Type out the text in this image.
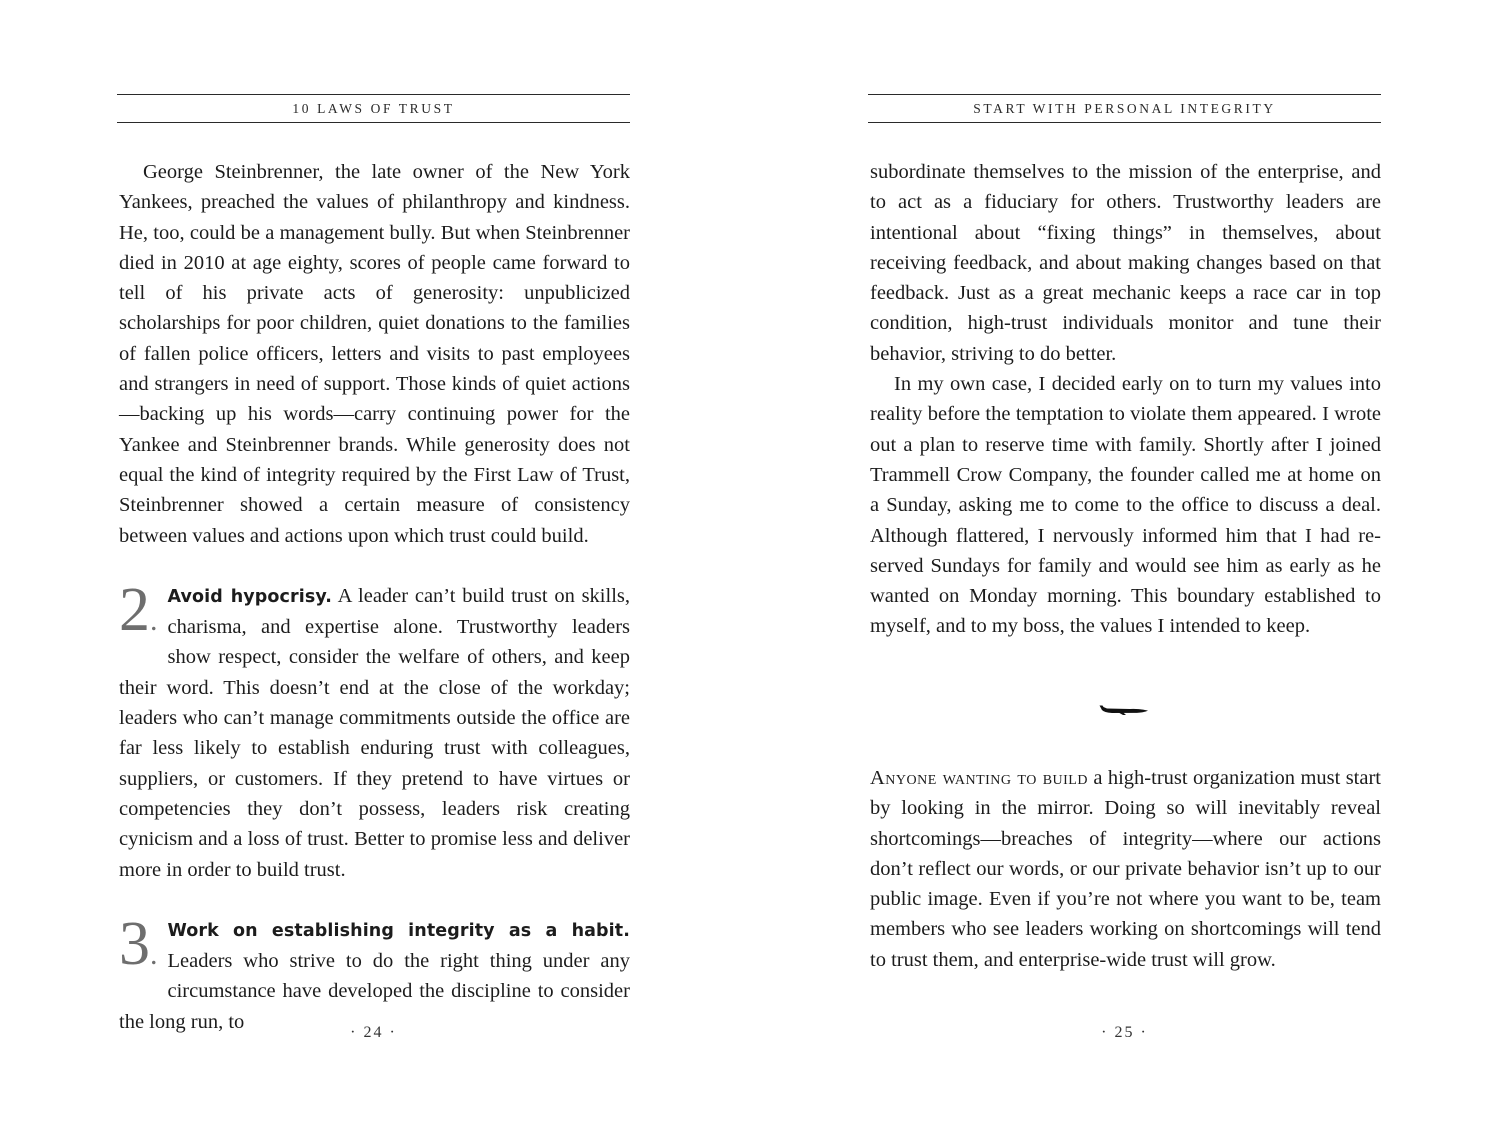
10 LAWS OF TRUST

George Steinbrenner, the late owner of the New York Yankees, preached the values of philanthropy and kindness. He, too, could be a management bully. But when Steinbrenner died in 2010 at age eighty, scores of people came forward to tell of his private acts of generosity: unpublicized scholarships for poor children, quiet donations to the families of fallen police officers, letters and visits to past employees and strangers in need of support. Those kinds of quiet actions—backing up his words—carry continuing power for the Yankee and Steinbrenner brands. While generosity does not equal the kind of integrity required by the First Law of Trust, Steinbrenner showed a certain measure of consistency between values and actions upon which trust could build.

2.
Avoid hypocrisy. A leader can’t build trust on skills, charisma, and expertise alone. Trustworthy leaders show respect, consider the welfare of others, and keep their word. This doesn’t end at the close of the workday; leaders who can’t manage commitments outside the office are far less likely to establish enduring trust with colleagues, suppliers, or customers. If they pretend to have virtues or competencies they don’t possess, leaders risk creating cynicism and a loss of trust. Better to promise less and deliver more in order to build trust.

3.
Work on establishing integrity as a habit. Leaders who strive to do the right thing under any circumstance have developed the discipline to consider the long run, to	· 24 ·
START WITH PERSONAL INTEGRITY

subordinate themselves to the mission of the enterprise, and to act as a fiduciary for others. Trustworthy leaders are intentional about “fixing things” in themselves, about receiving feedback, and about making changes based on that feedback. Just as a great mechanic keeps a race car in top condition, high-trust individuals monitor and tune their behavior, striving to do better.

In my own case, I decided early on to turn my values into reality before the temptation to violate them appeared. I wrote out a plan to reserve time with family. Shortly after I joined Trammell Crow Company, the founder called me at home on a Sunday, asking me to come to the office to discuss a deal. Although flattered, I nervously informed him that I had reserved Sundays for family and would see him as early as he wanted on Monday morning. This boundary established to myself, and to my boss, the values I intended to keep.

Anyone wanting to build a high-trust organization must start by looking in the mirror. Doing so will inevitably reveal shortcomings—breaches of integrity—where our actions don’t reflect our words, or our private behavior isn’t up to our public image. Even if you’re not where you want to be, team members who see leaders working on shortcomings will tend to trust them, and enterprise-wide trust will grow.

· 25 ·
